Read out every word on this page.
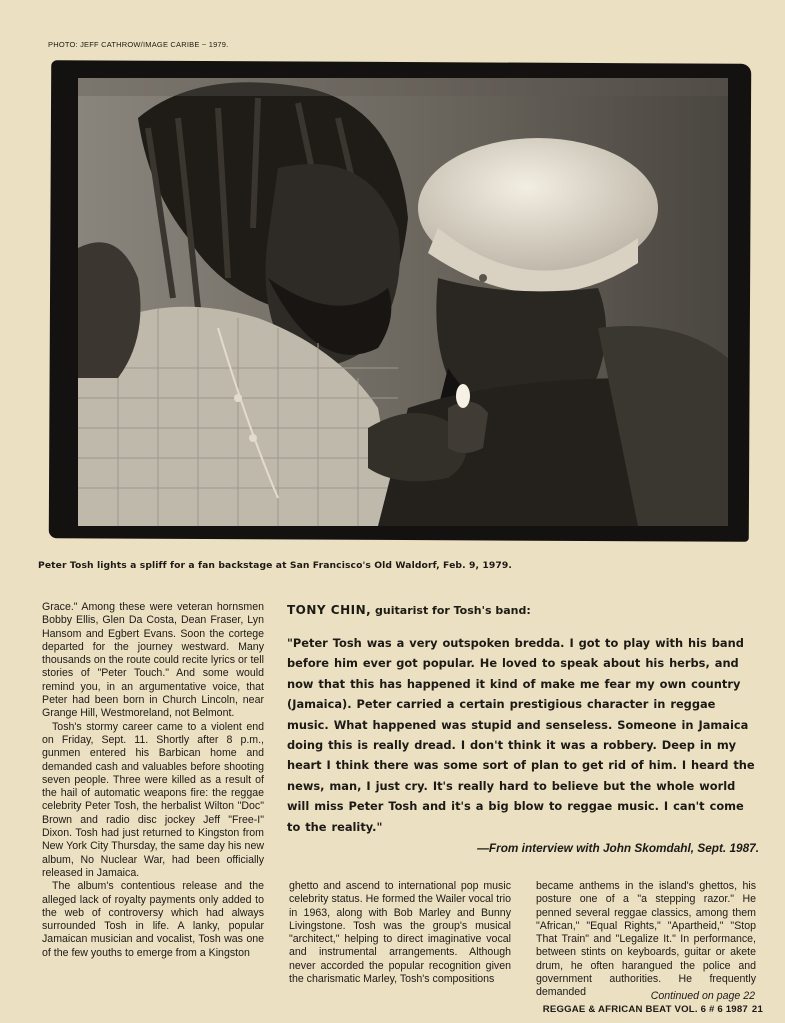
PHOTO: JEFF CATHROW/IMAGE CARIBE ~ 1979.
Peter Tosh lights a spliff for a fan backstage at San Francisco's Old Waldorf, Feb. 9, 1979.

Grace." Among these were veteran hornsmen Bobby Ellis, Glen Da Costa, Dean Fraser, Lyn Hansom and Egbert Evans. Soon the cortege departed for the journey westward. Many thousands on the route could recite lyrics or tell stories of "Peter Touch." And some would remind you, in an argumentative voice, that Peter had been born in Church Lincoln, near Grange Hill, Westmoreland, not Belmont.

Tosh's stormy career came to a violent end on Friday, Sept. 11. Shortly after 8 p.m., gunmen entered his Barbican home and demanded cash and valuables before shooting seven people. Three were killed as a result of the hail of automatic weapons fire: the reggae celebrity Peter Tosh, the herbalist Wilton "Doc" Brown and radio disc jockey Jeff "Free-I" Dixon. Tosh had just returned to Kingston from New York City Thursday, the same day his new album, No Nuclear War, had been officially released in Jamaica.

The album's contentious release and the alleged lack of royalty payments only added to the web of controversy which had always surrounded Tosh in life. A lanky, popular Jamaican musician and vocalist, Tosh was one of the few youths to emerge from a Kingston

TONY CHIN, guitarist for Tosh's band:

"Peter Tosh was a very outspoken bredda. I got to play with his band before him ever got popular. He loved to speak about his herbs, and now that this has happened it kind of make me fear my own country (Jamaica). Peter carried a certain prestigious character in reggae music. What happened was stupid and senseless. Someone in Jamaica doing this is really dread. I don't think it was a robbery. Deep in my heart I think there was some sort of plan to get rid of him. I heard the news, man, I just cry. It's really hard to believe but the whole world will miss Peter Tosh and it's a big blow to reggae music. I can't come to the reality."

—From interview with John Skomdahl, Sept. 1987.

ghetto and ascend to international pop music celebrity status. He formed the Wailer vocal trio in 1963, along with Bob Marley and Bunny Livingstone. Tosh was the group's musical "architect," helping to direct imaginative vocal and instrumental arrangements. Although never accorded the popular recognition given the charismatic Marley, Tosh's compositions

became anthems in the island's ghettos, his posture one of a "a stepping razor." He penned several reggae classics, among them "African," "Equal Rights," "Apartheid," "Stop That Train" and "Legalize It." In performance, between stints on keyboards, guitar or akete drum, he often harangued the police and government authorities. He frequently demanded	Continued on page 22
REGGAE & AFRICAN BEAT VOL. 6 # 6 1987 21
